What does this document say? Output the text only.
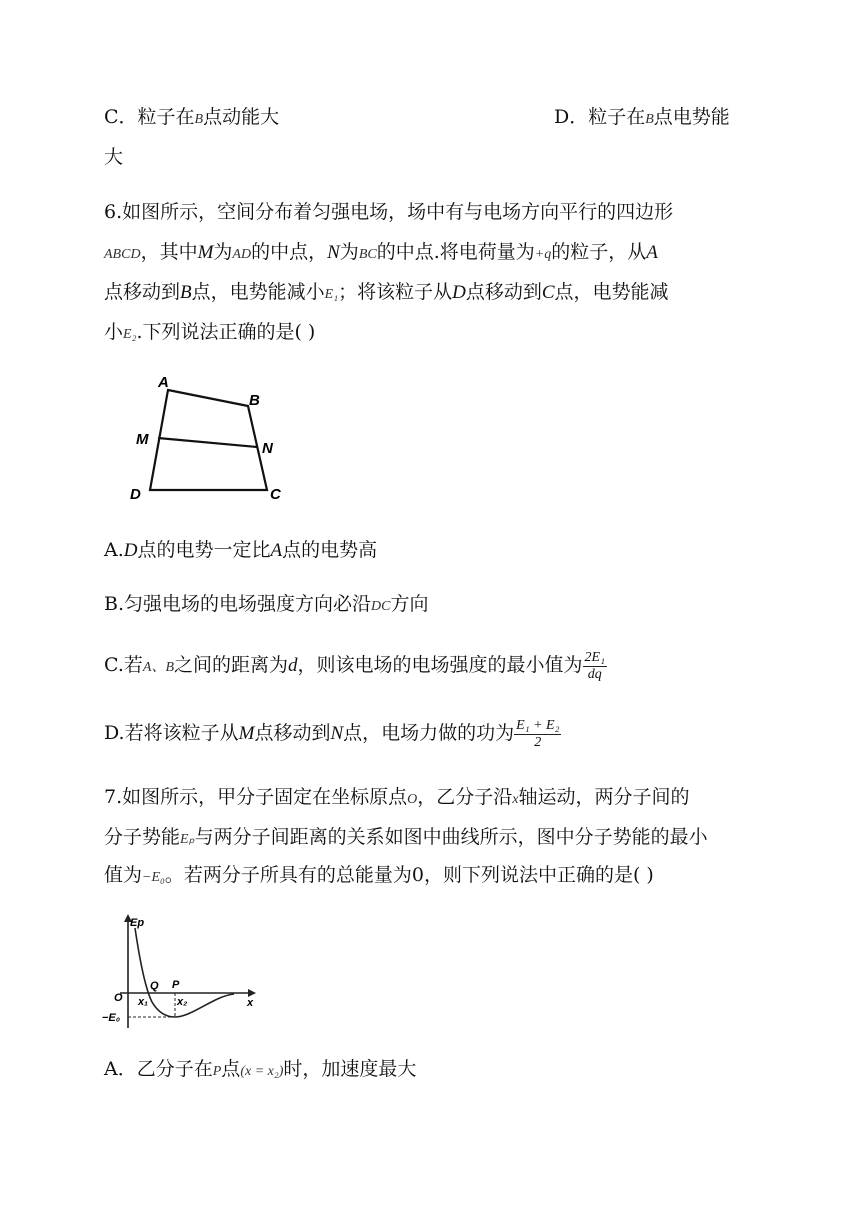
C．粒子在B点动能大	D．粒子在B点电势能
大
6.如图所示，空间分布着匀强电场，场中有与电场方向平行的四边形
ABCD，其中M为AD的中点，N为BC的中点.将电荷量为+q的粒子，从A
点移动到B点，电势能减小E₁；将该粒子从D点移动到C点，电势能减
小E₂.下列说法正确的是( )
A
B
M
N
D	C
A.D点的电势一定比A点的电势高
B.匀强电场的电场强度方向必沿DC方向
C.若A、B之间的距离为d，则该电场的电场强度的最小值为 $\frac{\text{2E₁}}{dq}$
D.若将该粒子从M点移动到N点，电场力做的功为 $\frac{\text{E₁ + E₂}}{2}$
7.如图所示，甲分子固定在坐标原点O，乙分子沿x轴运动，两分子间的
分子势能Eₚ与两分子间距离的关系如图中曲线所示，图中分子势能的最小
值为−E₀。若两分子所具有的总能量为0，则下列说法中正确的是( )
Ep
O
Q P
x₁	x₂	x
−E₀
A．乙分子在P点(x = x₂)时，加速度最大
